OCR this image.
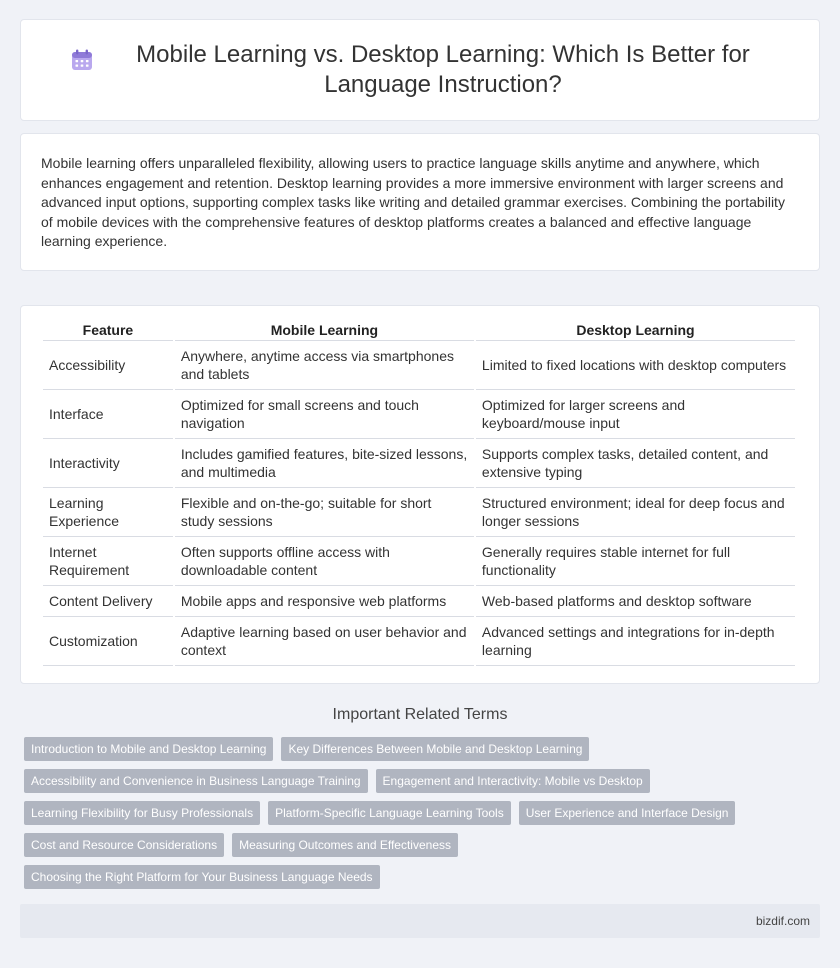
Mobile Learning vs. Desktop Learning: Which Is Better for Language Instruction?

Mobile learning offers unparalleled flexibility, allowing users to practice language skills anytime and anywhere, which enhances engagement and retention. Desktop learning provides a more immersive environment with larger screens and advanced input options, supporting complex tasks like writing and detailed grammar exercises. Combining the portability of mobile devices with the comprehensive features of desktop platforms creates a balanced and effective language learning experience.

Feature	Mobile Learning	Desktop Learning
Accessibility	Anywhere, anytime access via smartphones and tablets	Limited to fixed locations with desktop computers
Interface	Optimized for small screens and touch navigation	Optimized for larger screens and keyboard/mouse input
Interactivity	Includes gamified features, bite-sized lessons, and multimedia	Supports complex tasks, detailed content, and extensive typing
Learning Experience	Flexible and on-the-go; suitable for short study sessions	Structured environment; ideal for deep focus and longer sessions
Internet Requirement	Often supports offline access with downloadable content	Generally requires stable internet for full functionality
Content Delivery	Mobile apps and responsive web platforms	Web-based platforms and desktop software
Customization	Adaptive learning based on user behavior and context	Advanced settings and integrations for in-depth learning
Important Related Terms
Introduction to Mobile and Desktop Learning	Key Differences Between Mobile and Desktop Learning
Accessibility and Convenience in Business Language Training	Engagement and Interactivity: Mobile vs Desktop
Learning Flexibility for Busy Professionals	Platform-Specific Language Learning Tools	User Experience and Interface Design
Cost and Resource Considerations	Measuring Outcomes and Effectiveness
Choosing the Right Platform for Your Business Language Needs
bizdif.com
